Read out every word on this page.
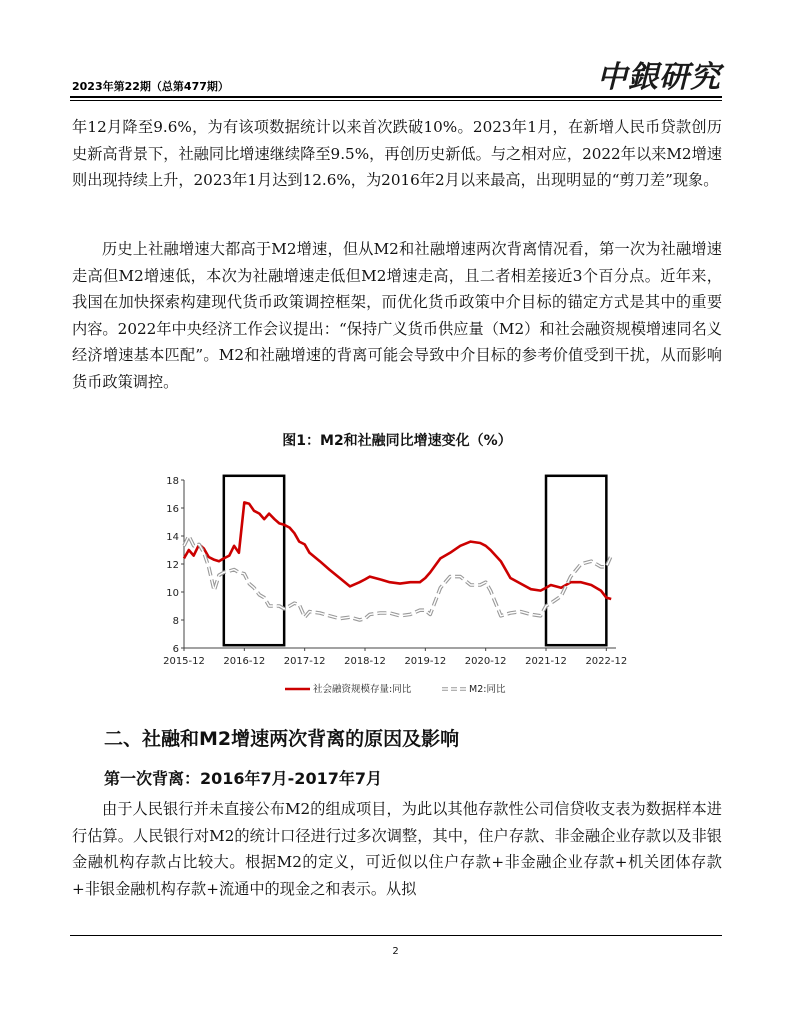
2023年第22期（总第477期）	中銀研究

年12月降至9.6%，为有该项数据统计以来首次跌破10%。2023年1月，在新增人民币贷款创历史新高背景下，社融同比增速继续降至9.5%，再创历史新低。与之相对应，2022年以来M2增速则出现持续上升，2023年1月达到12.6%，为2016年2月以来最高，出现明显的“剪刀差”现象。

历史上社融增速大都高于M2增速，但从M2和社融增速两次背离情况看，第一次为社融增速走高但M2增速低，本次为社融增速走低但M2增速走高，且二者相差接近3个百分点。近年来，我国在加快探索构建现代货币政策调控框架，而优化货币政策中介目标的锚定方式是其中的重要内容。2022年中央经济工作会议提出：“保持广义货币供应量（M2）和社会融资规模增速同名义经济增速基本匹配”。M2和社融增速的背离可能会导致中介目标的参考价值受到干扰，从而影响货币政策调控。

图1：M2和社融同比增速变化（%）

6
8
10
12
14
16
18
2015-12 2016-12 2017-12 2018-12 2019-12 2020-12 2021-12 2022-12
社会融资规模存量:同比	M2:同比

二、社融和M2增速两次背离的原因及影响

第一次背离：2016年7月-2017年7月

由于人民银行并未直接公布M2的组成项目，为此以其他存款性公司信贷收支表为数据样本进行估算。人民银行对M2的统计口径进行过多次调整，其中，住户存款、非金融企业存款以及非银金融机构存款占比较大。根据M2的定义，可近似以住户存款+非金融企业存款+机关团体存款+非银金融机构存款+流通中的现金之和表示。从拟

2
